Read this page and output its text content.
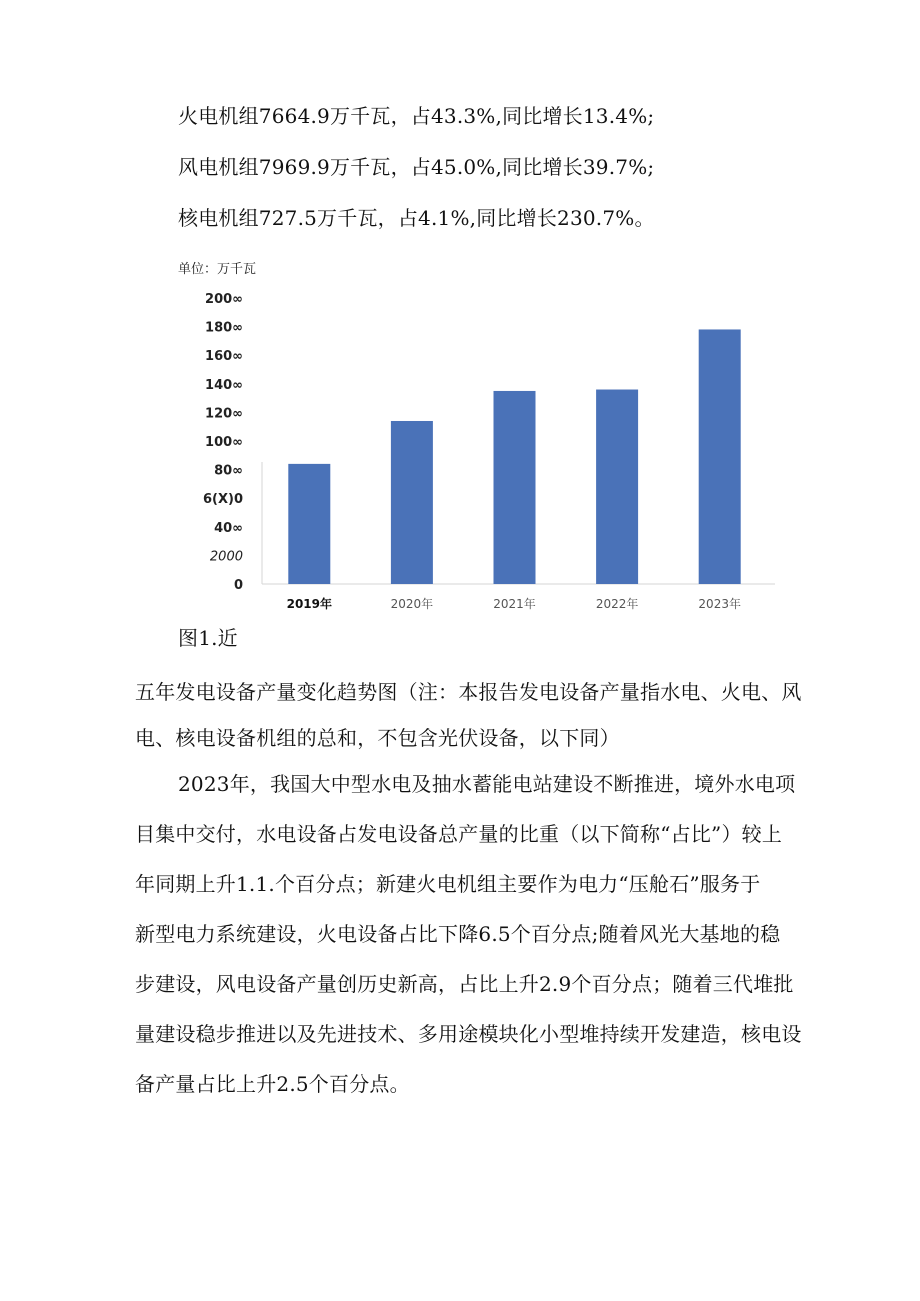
火电机组7664.9万千瓦，占43.3%,同比增长13.4%;
风电机组7969.9万千瓦，占45.0%,同比增长39.7%;
核电机组727.5万千瓦，占4.1%,同比增长230.7%。
单位：万千瓦
0
2000
40∞
6(X)0
80∞
100∞
120∞
140∞
160∞
180∞
200∞
2019年	2020年	2021年	2022年	2023年
图1.近
五年发电设备产量变化趋势图（注：本报告发电设备产量指水电、火电、风
电、核电设备机组的总和，不包含光伏设备，以下同）
2023年，我国大中型水电及抽水蓄能电站建设不断推进，境外水电项
目集中交付，水电设备占发电设备总产量的比重（以下简称“占比”）较上
年同期上升1.1.个百分点；新建火电机组主要作为电力“压舱石”服务于
新型电力系统建设，火电设备占比下降6.5个百分点;随着风光大基地的稳
步建设，风电设备产量创历史新高，占比上升2.9个百分点；随着三代堆批
量建设稳步推进以及先进技术、多用途模块化小型堆持续开发建造，核电设
备产量占比上升2.5个百分点。
